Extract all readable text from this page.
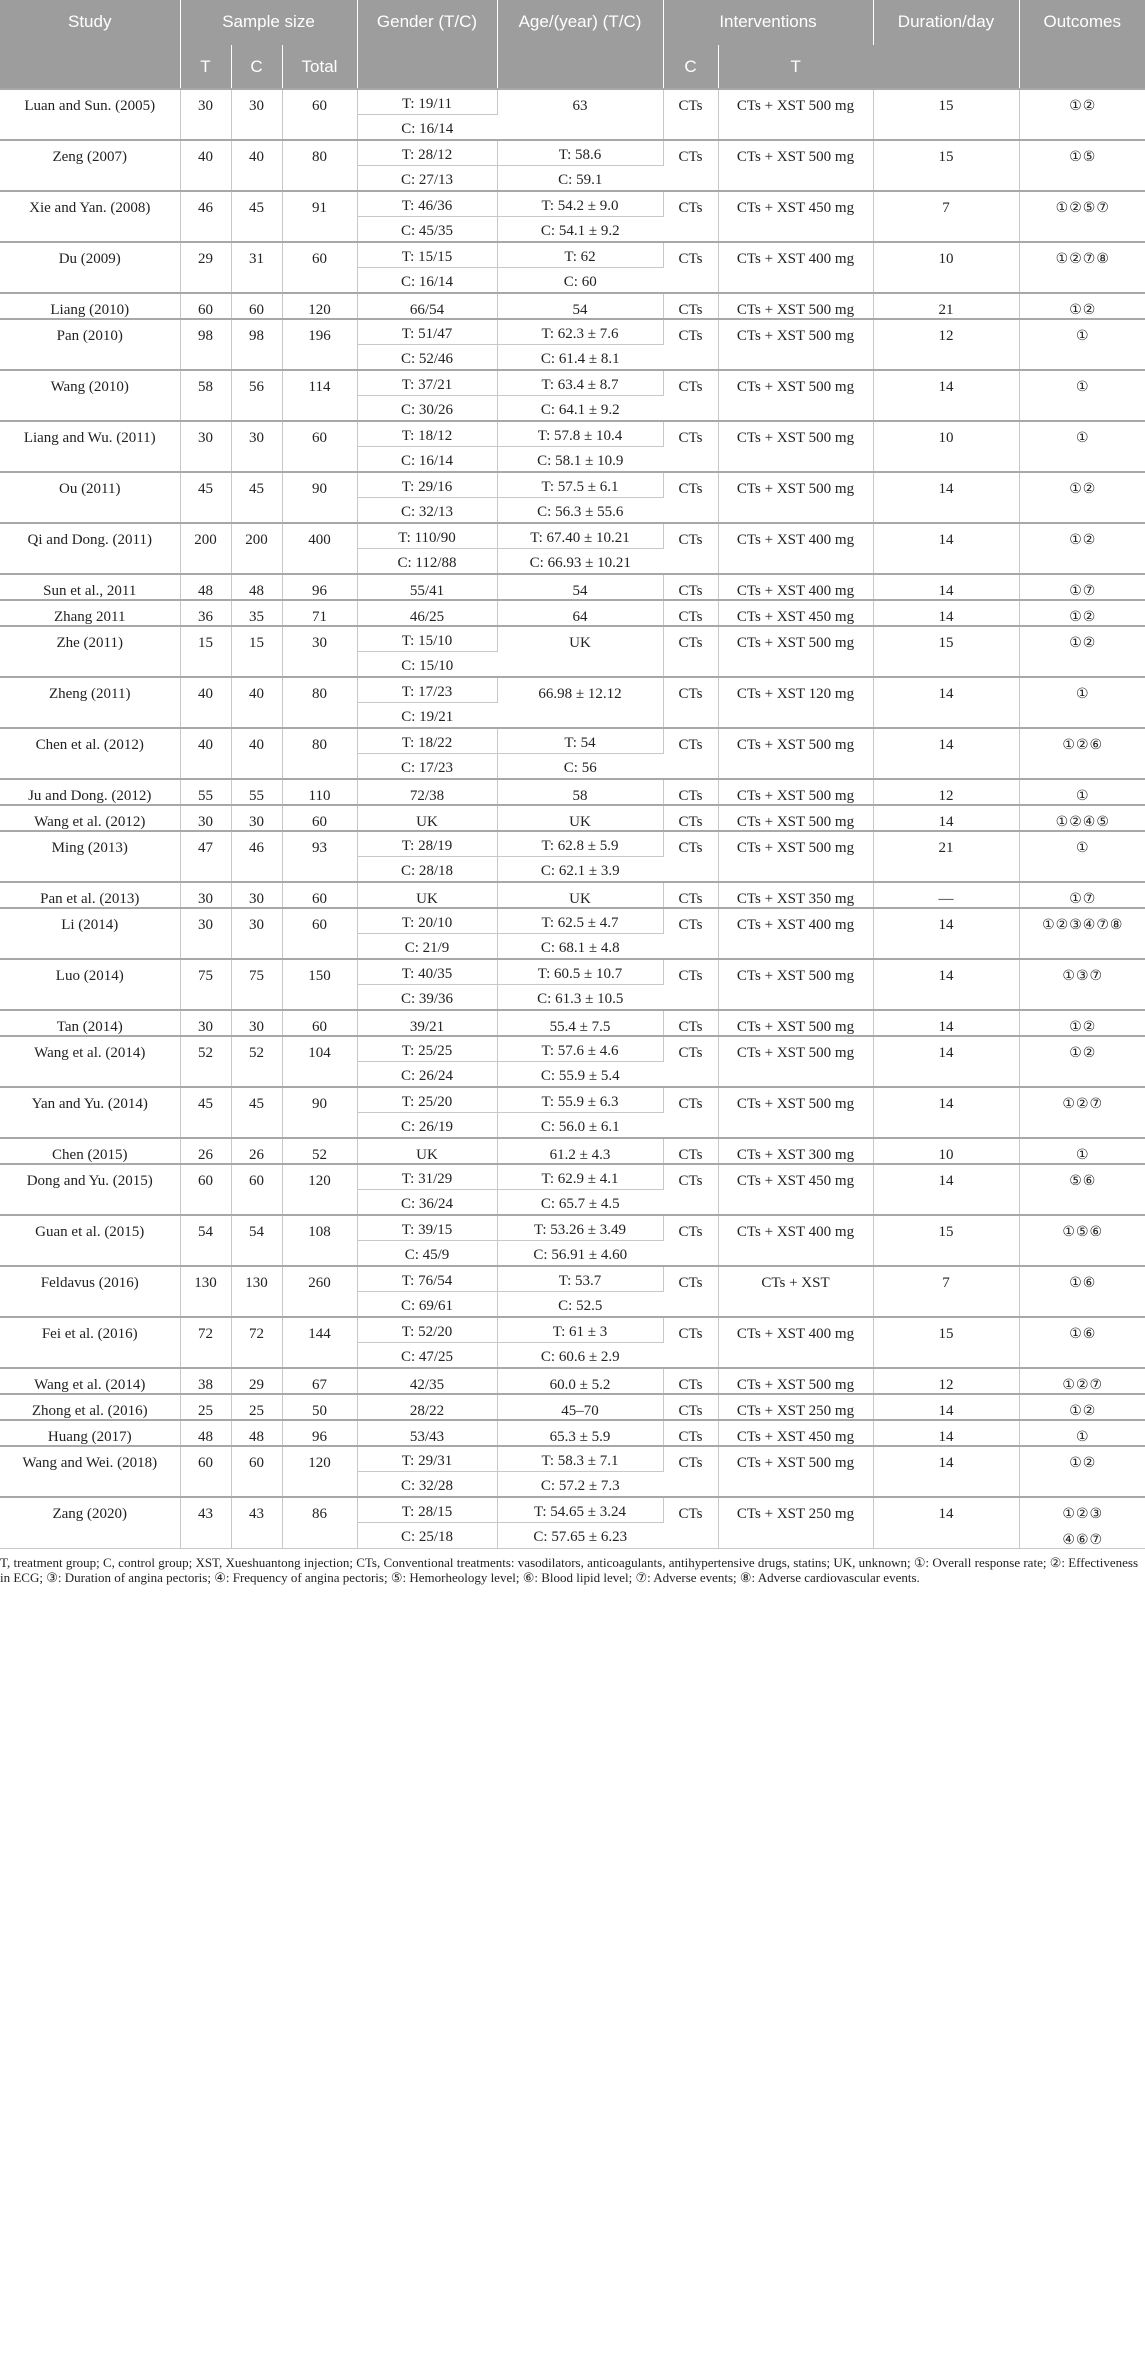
Study	Sample size			Gender (T/C)	Age/(year) (T/C)	Interventions		Duration/day	Outcomes
	T	C	Total			C	T		

Luan and Sun. (2005)	30	30	60	T: 19/11	63	CTs	CTs + XST 500 mg	15	①②

				C: 16/14					

Zeng (2007)	40	40	80	T: 28/12	T: 58.6	CTs	CTs + XST 500 mg	15	①⑤

				C: 27/13	C: 59.1				

Xie and Yan. (2008)	46	45	91	T: 46/36	T: 54.2 ± 9.0	CTs	CTs + XST 450 mg	7	①②⑤⑦

				C: 45/35	C: 54.1 ± 9.2				

Du (2009)	29	31	60	T: 15/15	T: 62	CTs	CTs + XST 400 mg	10	①②⑦⑧

				C: 16/14	C: 60				

Liang (2010)	60	60	120	66/54	54	CTs	CTs + XST 500 mg	21	①②

Pan (2010)	98	98	196	T: 51/47	T: 62.3 ± 7.6	CTs	CTs + XST 500 mg	12	①

				C: 52/46	C: 61.4 ± 8.1				

Wang (2010)	58	56	114	T: 37/21	T: 63.4 ± 8.7	CTs	CTs + XST 500 mg	14	①

				C: 30/26	C: 64.1 ± 9.2				

Liang and Wu. (2011)	30	30	60	T: 18/12	T: 57.8 ± 10.4	CTs	CTs + XST 500 mg	10	①

				C: 16/14	C: 58.1 ± 10.9				

Ou (2011)	45	45	90	T: 29/16	T: 57.5 ± 6.1	CTs	CTs + XST 500 mg	14	①②

				C: 32/13	C: 56.3 ± 55.6				

Qi and Dong. (2011)	200	200	400	T: 110/90	T: 67.40 ± 10.21	CTs	CTs + XST 400 mg	14	①②

				C: 112/88	C: 66.93 ± 10.21				

Sun et al., 2011	48	48	96	55/41	54	CTs	CTs + XST 400 mg	14	①⑦

Zhang 2011	36	35	71	46/25	64	CTs	CTs + XST 450 mg	14	①②

Zhe (2011)	15	15	30	T: 15/10	UK	CTs	CTs + XST 500 mg	15	①②

				C: 15/10					

Zheng (2011)	40	40	80	T: 17/23	66.98 ± 12.12	CTs	CTs + XST 120 mg	14	①

				C: 19/21					

Chen et al. (2012)	40	40	80	T: 18/22	T: 54	CTs	CTs + XST 500 mg	14	①②⑥

				C: 17/23	C: 56				

Ju and Dong. (2012)	55	55	110	72/38	58	CTs	CTs + XST 500 mg	12	①

Wang et al. (2012)	30	30	60	UK	UK	CTs	CTs + XST 500 mg	14	①②④⑤

Ming (2013)	47	46	93	T: 28/19	T: 62.8 ± 5.9	CTs	CTs + XST 500 mg	21	①

				C: 28/18	C: 62.1 ± 3.9				

Pan et al. (2013)	30	30	60	UK	UK	CTs	CTs + XST 350 mg	—	①⑦

Li (2014)	30	30	60	T: 20/10	T: 62.5 ± 4.7	CTs	CTs + XST 400 mg	14	①②③④⑦⑧

				C: 21/9	C: 68.1 ± 4.8				

Luo (2014)	75	75	150	T: 40/35	T: 60.5 ± 10.7	CTs	CTs + XST 500 mg	14	①③⑦

				C: 39/36	C: 61.3 ± 10.5				

Tan (2014)	30	30	60	39/21	55.4 ± 7.5	CTs	CTs + XST 500 mg	14	①②

Wang et al. (2014)	52	52	104	T: 25/25	T: 57.6 ± 4.6	CTs	CTs + XST 500 mg	14	①②

				C: 26/24	C: 55.9 ± 5.4				

Yan and Yu. (2014)	45	45	90	T: 25/20	T: 55.9 ± 6.3	CTs	CTs + XST 500 mg	14	①②⑦

				C: 26/19	C: 56.0 ± 6.1				

Chen (2015)	26	26	52	UK	61.2 ± 4.3	CTs	CTs + XST 300 mg	10	①

Dong and Yu. (2015)	60	60	120	T: 31/29	T: 62.9 ± 4.1	CTs	CTs + XST 450 mg	14	⑤⑥

				C: 36/24	C: 65.7 ± 4.5				

Guan et al. (2015)	54	54	108	T: 39/15	T: 53.26 ± 3.49	CTs	CTs + XST 400 mg	15	①⑤⑥

				C: 45/9	C: 56.91 ± 4.60				

Feldavus (2016)	130	130	260	T: 76/54	T: 53.7	CTs	CTs + XST	7	①⑥

				C: 69/61	C: 52.5				

Fei et al. (2016)	72	72	144	T: 52/20	T: 61 ± 3	CTs	CTs + XST 400 mg	15	①⑥

				C: 47/25	C: 60.6 ± 2.9				

Wang et al. (2014)	38	29	67	42/35	60.0 ± 5.2	CTs	CTs + XST 500 mg	12	①②⑦

Zhong et al. (2016)	25	25	50	28/22	45–70	CTs	CTs + XST 250 mg	14	①②

Huang (2017)	48	48	96	53/43	65.3 ± 5.9	CTs	CTs + XST 450 mg	14	①

Wang and Wei. (2018)	60	60	120	T: 29/31	T: 58.3 ± 7.1	CTs	CTs + XST 500 mg	14	①②

				C: 32/28	C: 57.2 ± 7.3				

Zang (2020)	43	43	86	T: 28/15	T: 54.65 ± 3.24	CTs	CTs + XST 250 mg	14	①②③
④⑥⑦

				C: 25/18	C: 57.65 ± 6.23				
T, treatment group; C, control group; XST, Xueshuantong injection; CTs, Conventional treatments: vasodilators, anticoagulants, antihypertensive drugs, statins; UK, unknown; ①: Overall response rate; ②: Effectiveness in ECG; ③: Duration of angina pectoris; ④: Frequency of angina pectoris; ⑤: Hemorheology level; ⑥: Blood lipid level; ⑦: Adverse events; ⑧: Adverse cardiovascular events.
